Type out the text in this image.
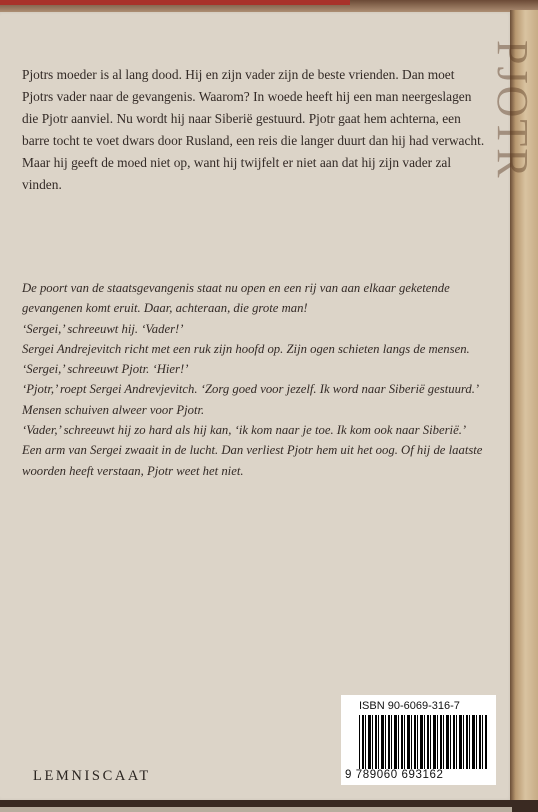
Pjotrs moeder is al lang dood. Hij en zijn vader zijn de beste vrienden. Dan moet Pjotrs vader naar de gevangenis. Waarom? In woede heeft hij een man neergeslagen die Pjotr aanviel. Nu wordt hij naar Siberië gestuurd. Pjotr gaat hem achterna, een barre tocht te voet dwars door Rusland, een reis die langer duurt dan hij had verwacht. Maar hij geeft de moed niet op, want hij twijfelt er niet aan dat hij zijn vader zal vinden.

De poort van de staatsgevangenis staat nu open en een rij van aan elkaar geketende gevangenen komt eruit. Daar, achteraan, die grote man!

‘Sergei,’ schreeuwt hij. ‘Vader!’

Sergei Andrejevitch richt met een ruk zijn hoofd op. Zijn ogen schieten langs de mensen.

‘Sergei,’ schreeuwt Pjotr. ‘Hier!’

‘Pjotr,’ roept Sergei Andrevjevitch. ‘Zorg goed voor jezelf. Ik word naar Siberië gestuurd.’

Mensen schuiven alweer voor Pjotr.

‘Vader,’ schreeuwt hij zo hard als hij kan, ‘ik kom naar je toe. Ik kom ook naar Siberië.’

Een arm van Sergei zwaait in de lucht. Dan verliest Pjotr hem uit het oog. Of hij de laatste woorden heeft verstaan, Pjotr weet het niet.

LEMNISCAAT
ISBN 90-6069-316-7
9 789060 693162
PJOTR
